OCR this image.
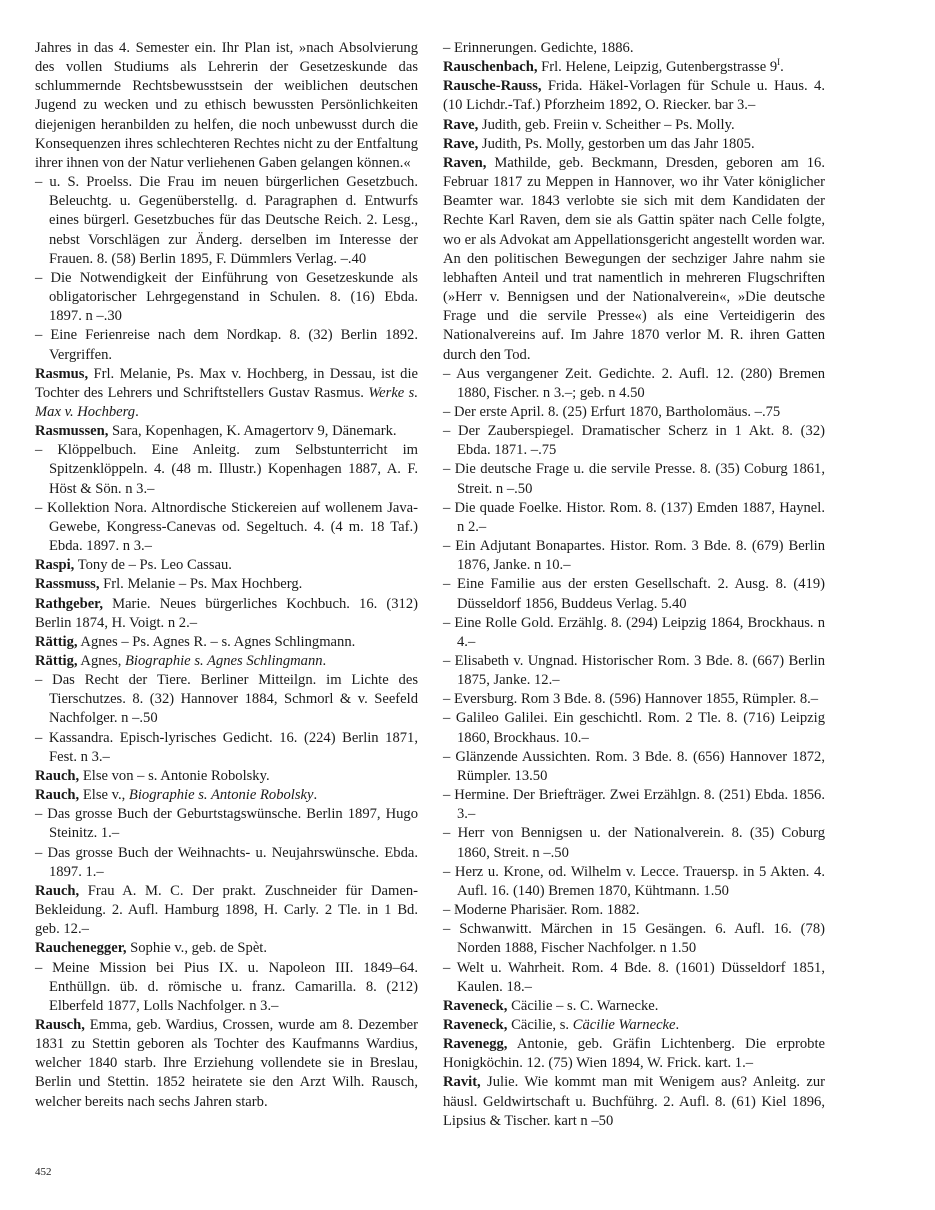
Jahres in das 4. Semester ein. Ihr Plan ist, »nach Absolvierung des vollen Studiums als Lehrerin der Gesetzeskunde das schlummernde Rechtsbewusstsein der weiblichen deutschen Jugend zu wecken und zu ethisch bewussten Persönlichkeiten diejenigen heranbilden zu helfen, die noch unbewusst durch die Konsequenzen ihres schlechteren Rechtes nicht zu der Entfaltung ihrer ihnen von der Natur verliehenen Gaben gelangen können.«
– u. S. Proelss. Die Frau im neuen bürgerlichen Gesetzbuch. Beleuchtg. u. Gegenüberstellg. d. Paragraphen d. Entwurfs eines bürgerl. Gesetzbuches für das Deutsche Reich. 2. Lesg., nebst Vorschlägen zur Änderg. derselben im Interesse der Frauen. 8. (58) Berlin 1895, F. Dümmlers Verlag. –.40
– Die Notwendigkeit der Einführung von Gesetzeskunde als obligatorischer Lehrgegenstand in Schulen. 8. (16) Ebda. 1897. n –.30
– Eine Ferienreise nach dem Nordkap. 8. (32) Berlin 1892. Vergriffen.
Rasmus, Frl. Melanie, Ps. Max v. Hochberg, in Dessau, ist die Tochter des Lehrers und Schriftstellers Gustav Rasmus. Werke s. Max v. Hochberg.
Rasmussen, Sara, Kopenhagen, K. Amagertorv 9, Dänemark.
– Klöppelbuch. Eine Anleitg. zum Selbstunterricht im Spitzenklöppeln. 4. (48 m. Illustr.) Kopenhagen 1887, A. F. Höst & Sön. n 3.–
– Kollektion Nora. Altnordische Stickereien auf wollenem Java-Gewebe, Kongress-Canevas od. Segeltuch. 4. (4 m. 18 Taf.) Ebda. 1897. n 3.–
Raspi, Tony de – Ps. Leo Cassau.
Rassmuss, Frl. Melanie – Ps. Max Hochberg.
Rathgeber, Marie. Neues bürgerliches Kochbuch. 16. (312) Berlin 1874, H. Voigt. n 2.–
Rättig, Agnes – Ps. Agnes R. – s. Agnes Schlingmann.
Rättig, Agnes, Biographie s. Agnes Schlingmann.
– Das Recht der Tiere. Berliner Mitteilgn. im Lichte des Tierschutzes. 8. (32) Hannover 1884, Schmorl & v. Seefeld Nachfolger. n –.50
– Kassandra. Episch-lyrisches Gedicht. 16. (224) Berlin 1871, Fest. n 3.–
Rauch, Else von – s. Antonie Robolsky.
Rauch, Else v., Biographie s. Antonie Robolsky.
– Das grosse Buch der Geburtstagswünsche. Berlin 1897, Hugo Steinitz. 1.–
– Das grosse Buch der Weihnachts- u. Neujahrswünsche. Ebda. 1897. 1.–
Rauch, Frau A. M. C. Der prakt. Zuschneider für Damen-Bekleidung. 2. Aufl. Hamburg 1898, H. Carly. 2 Tle. in 1 Bd. geb. 12.–
Rauchenegger, Sophie v., geb. de Spèt.
– Meine Mission bei Pius IX. u. Napoleon III. 1849–64. Enthüllgn. üb. d. römische u. franz. Camarilla. 8. (212) Elberfeld 1877, Lolls Nachfolger. n 3.–
Rausch, Emma, geb. Wardius, Crossen, wurde am 8. Dezember 1831 zu Stettin geboren als Tochter des Kaufmanns Wardius, welcher 1840 starb. Ihre Erziehung vollendete sie in Breslau, Berlin und Stettin. 1852 heiratete sie den Arzt Wilh. Rausch, welcher bereits nach sechs Jahren starb.
– Erinnerungen. Gedichte, 1886.
Rauschenbach, Frl. Helene, Leipzig, Gutenbergstrasse $9^I$.
Rausche-Rauss, Frida. Häkel-Vorlagen für Schule u. Haus. 4. (10 Lichdr.-Taf.) Pforzheim 1892, O. Riecker. bar 3.–
Rave, Judith, geb. Freiin v. Scheither – Ps. Molly.
Rave, Judith, Ps. Molly, gestorben um das Jahr 1805.
Raven, Mathilde, geb. Beckmann, Dresden, geboren am 16. Februar 1817 zu Meppen in Hannover, wo ihr Vater königlicher Beamter war. 1843 verlobte sie sich mit dem Kandidaten der Rechte Karl Raven, dem sie als Gattin später nach Celle folgte, wo er als Advokat am Appellationsgericht angestellt worden war. An den politischen Bewegungen der sechziger Jahre nahm sie lebhaften Anteil und trat namentlich in mehreren Flugschriften (»Herr v. Bennigsen und der Nationalverein«, »Die deutsche Frage und die servile Presse«) als eine Verteidigerin des Nationalvereins auf. Im Jahre 1870 verlor M. R. ihren Gatten durch den Tod.
– Aus vergangener Zeit. Gedichte. 2. Aufl. 12. (280) Bremen 1880, Fischer. n 3.–; geb. n 4.50
– Der erste April. 8. (25) Erfurt 1870, Bartholomäus. –.75
– Der Zauberspiegel. Dramatischer Scherz in 1 Akt. 8. (32) Ebda. 1871. –.75
– Die deutsche Frage u. die servile Presse. 8. (35) Coburg 1861, Streit. n –.50
– Die quade Foelke. Histor. Rom. 8. (137) Emden 1887, Haynel. n 2.–
– Ein Adjutant Bonapartes. Histor. Rom. 3 Bde. 8. (679) Berlin 1876, Janke. n 10.–
– Eine Familie aus der ersten Gesellschaft. 2. Ausg. 8. (419) Düsseldorf 1856, Buddeus Verlag. 5.40
– Eine Rolle Gold. Erzählg. 8. (294) Leipzig 1864, Brockhaus. n 4.–
– Elisabeth v. Ungnad. Historischer Rom. 3 Bde. 8. (667) Berlin 1875, Janke. 12.–
– Eversburg. Rom 3 Bde. 8. (596) Hannover 1855, Rümpler. 8.–
– Galileo Galilei. Ein geschichtl. Rom. 2 Tle. 8. (716) Leipzig 1860, Brockhaus. 10.–
– Glänzende Aussichten. Rom. 3 Bde. 8. (656) Hannover 1872, Rümpler. 13.50
– Hermine. Der Briefträger. Zwei Erzählgn. 8. (251) Ebda. 1856. 3.–
– Herr von Bennigsen u. der Nationalverein. 8. (35) Coburg 1860, Streit. n –.50
– Herz u. Krone, od. Wilhelm v. Lecce. Trauersp. in 5 Akten. 4. Aufl. 16. (140) Bremen 1870, Kühtmann. 1.50
– Moderne Pharisäer. Rom. 1882.
– Schwanwitt. Märchen in 15 Gesängen. 6. Aufl. 16. (78) Norden 1888, Fischer Nachfolger. n 1.50
– Welt u. Wahrheit. Rom. 4 Bde. 8. (1601) Düsseldorf 1851, Kaulen. 18.–
Raveneck, Cäcilie – s. C. Warnecke.
Raveneck, Cäcilie, s. Cäcilie Warnecke.
Ravenegg, Antonie, geb. Gräfin Lichtenberg. Die erprobte Honigköchin. 12. (75) Wien 1894, W. Frick. kart. 1.–
Ravit, Julie. Wie kommt man mit Wenigem aus? Anleitg. zur häusl. Geldwirtschaft u. Buchführg. 2. Aufl. 8. (61) Kiel 1896, Lipsius & Tischer. kart n –50
452
